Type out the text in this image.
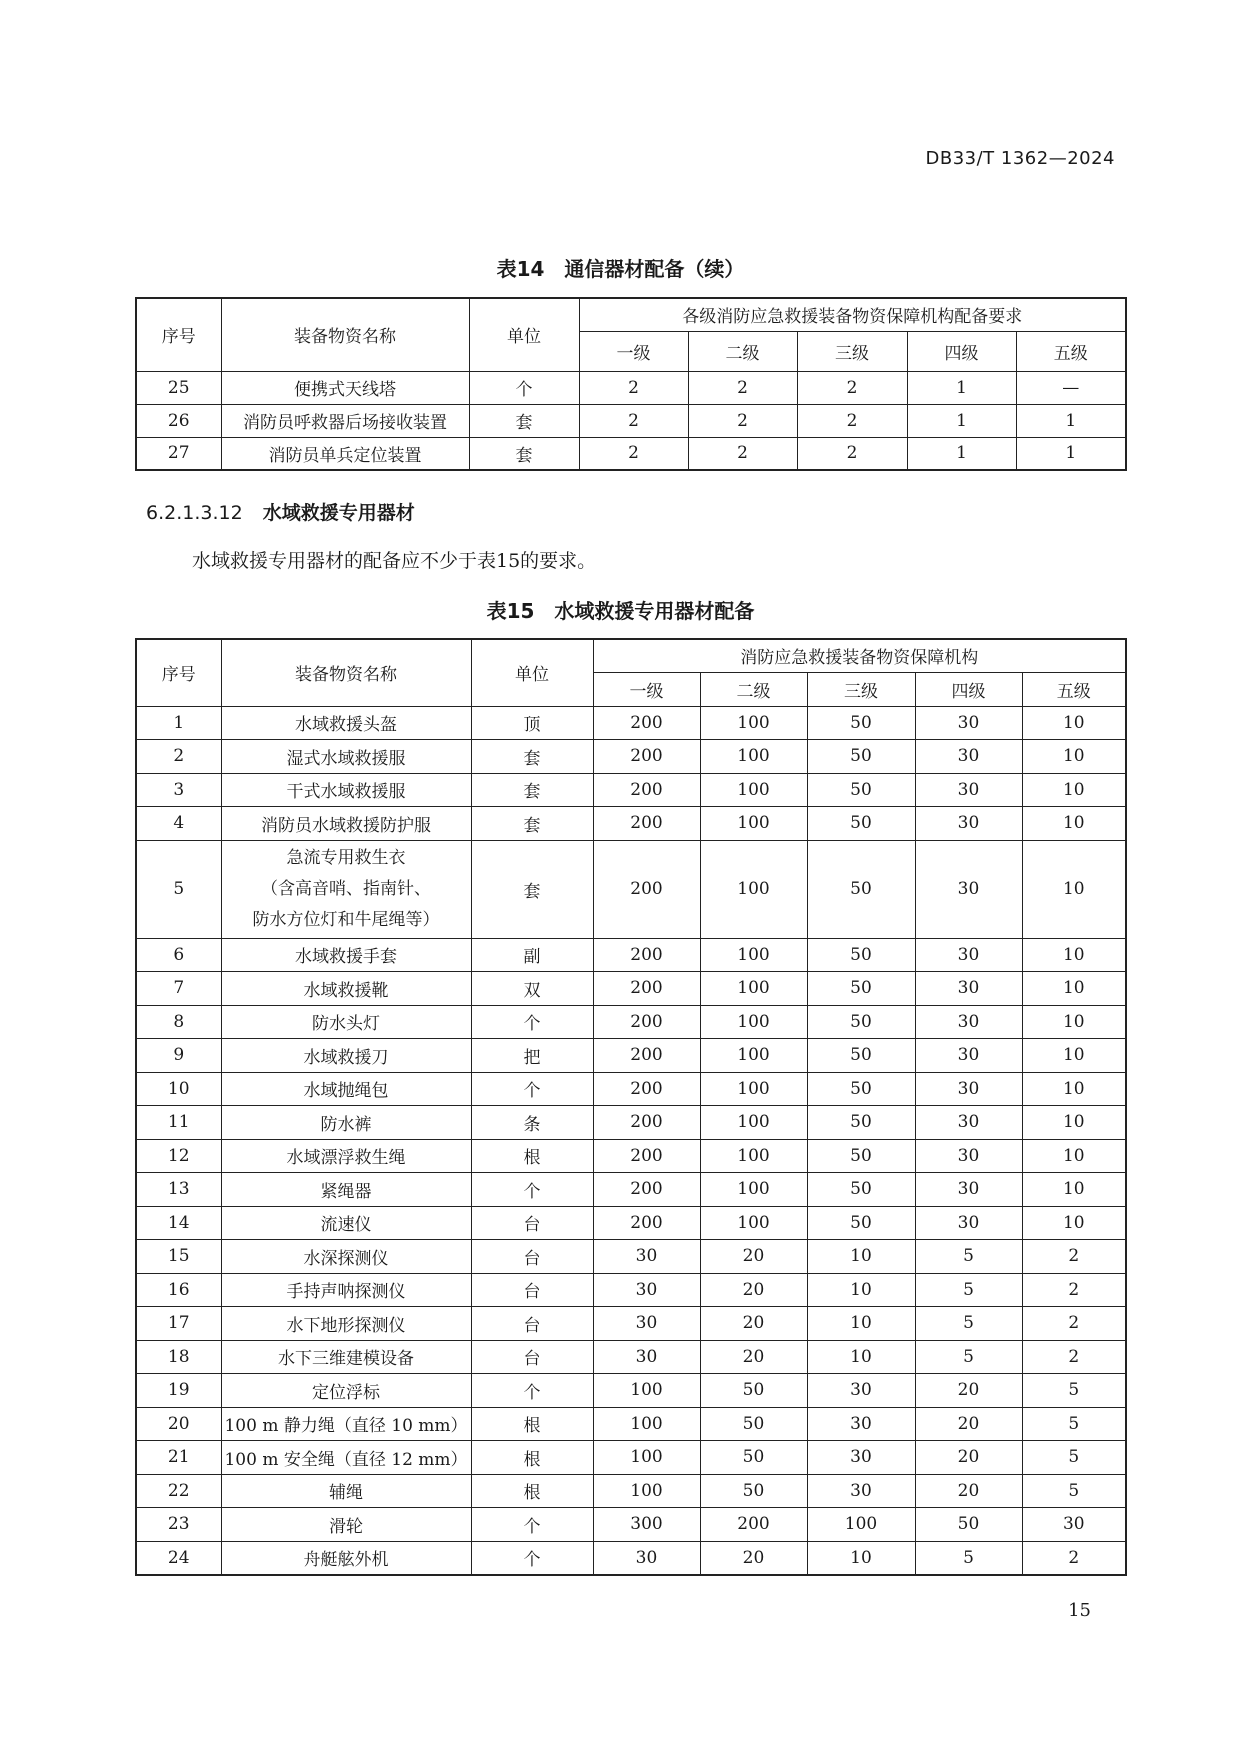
DB33/T 1362—2024
表14　通信器材配备（续）
序号	装备物资名称	单位	各级消防应急救援装备物资保障机构配备要求				
			一级	二级	三级	四级	五级
25	便携式天线塔	个	2	2	2	1	—
26	消防员呼救器后场接收装置	套	2	2	2	1	1
27	消防员单兵定位装置	套	2	2	2	1	1
6.2.1.3.12 水域救援专用器材
水域救援专用器材的配备应不少于表15的要求。
表15　水域救援专用器材配备
序号	装备物资名称	单位	消防应急救援装备物资保障机构				
			一级	二级	三级	四级	五级
1	水域救援头盔	顶	200	100	50	30	10
2	湿式水域救援服	套	200	100	50	30	10
3	干式水域救援服	套	200	100	50	30	10
4	消防员水域救援防护服	套	200	100	50	30	10
5	急流专用救生衣
（含高音哨、指南针、
防水方位灯和牛尾绳等）	套	200	100	50	30	10
6	水域救援手套	副	200	100	50	30	10
7	水域救援靴	双	200	100	50	30	10
8	防水头灯	个	200	100	50	30	10
9	水域救援刀	把	200	100	50	30	10
10	水域抛绳包	个	200	100	50	30	10
11	防水裤	条	200	100	50	30	10
12	水域漂浮救生绳	根	200	100	50	30	10
13	紧绳器	个	200	100	50	30	10
14	流速仪	台	200	100	50	30	10
15	水深探测仪	台	30	20	10	5	2
16	手持声呐探测仪	台	30	20	10	5	2
17	水下地形探测仪	台	30	20	10	5	2
18	水下三维建模设备	台	30	20	10	5	2
19	定位浮标	个	100	50	30	20	5
20	100 m 静力绳（直径 10 mm）	根	100	50	30	20	5
21	100 m 安全绳（直径 12 mm）	根	100	50	30	20	5
22	辅绳	根	100	50	30	20	5
23	滑轮	个	300	200	100	50	30
24	舟艇舷外机	个	30	20	10	5	2
15
